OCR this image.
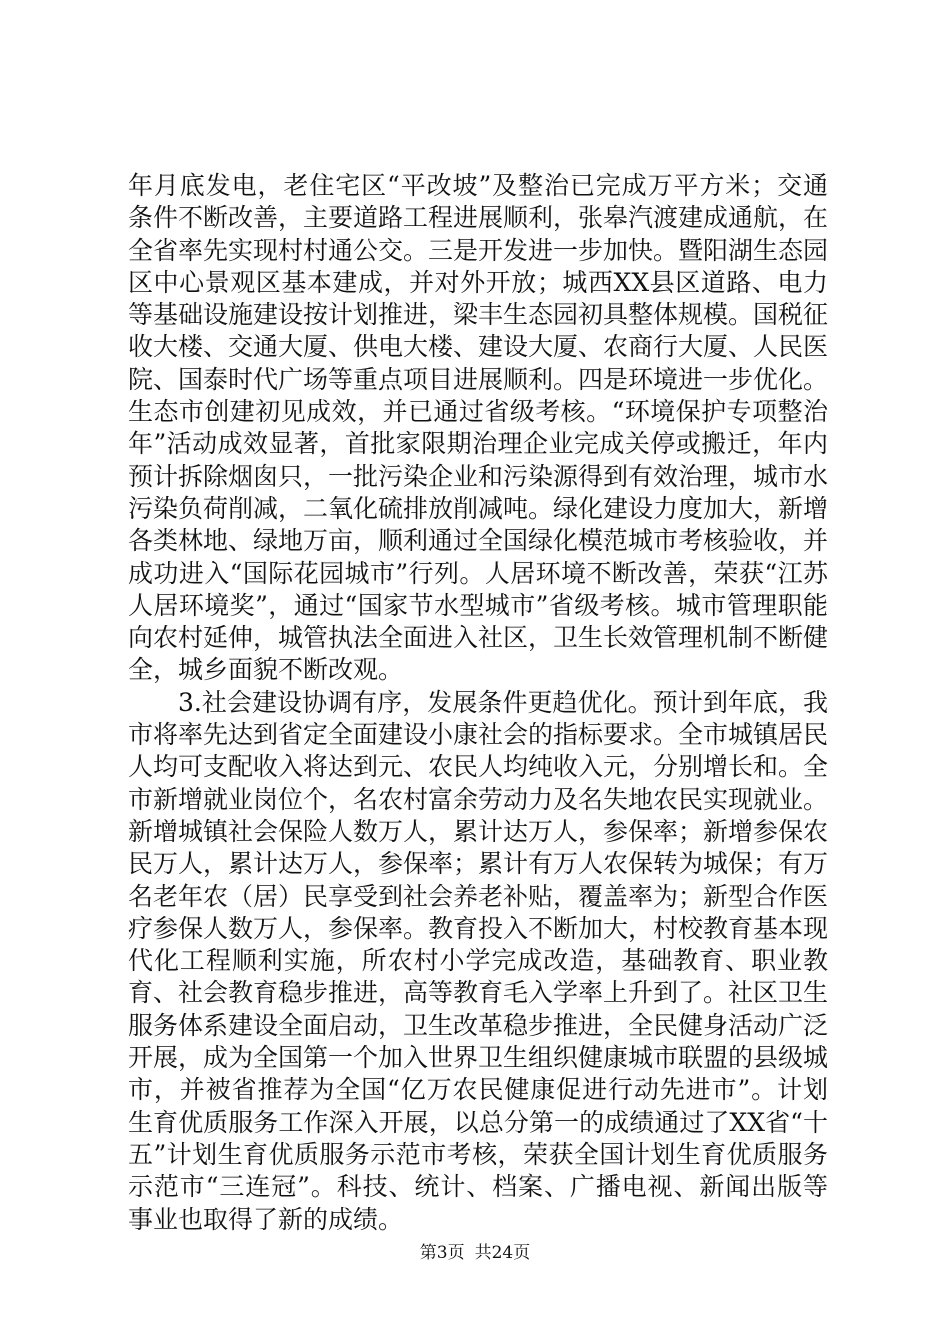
年月底发电，老住宅区“平改坡”及整治已完成万平方米；交通条件不断改善，主要道路工程进展顺利，张皋汽渡建成通航，在全省率先实现村村通公交。三是开发进一步加快。暨阳湖生态园区中心景观区基本建成，并对外开放；城西XX县区道路、电力等基础设施建设按计划推进，梁丰生态园初具整体规模。国税征收大楼、交通大厦、供电大楼、建设大厦、农商行大厦、人民医院、国泰时代广场等重点项目进展顺利。四是环境进一步优化。生态市创建初见成效，并已通过省级考核。“环境保护专项整治年”活动成效显著，首批家限期治理企业完成关停或搬迁，年内预计拆除烟囱只，一批污染企业和污染源得到有效治理，城市水污染负荷削减，二氧化硫排放削减吨。绿化建设力度加大，新增各类林地、绿地万亩，顺利通过全国绿化模范城市考核验收，并成功进入“国际花园城市”行列。人居环境不断改善，荣获“江苏人居环境奖”，通过“国家节水型城市”省级考核。城市管理职能向农村延伸，城管执法全面进入社区，卫生长效管理机制不断健全，城乡面貌不断改观。

3.社会建设协调有序，发展条件更趋优化。预计到年底，我市将率先达到省定全面建设小康社会的指标要求。全市城镇居民人均可支配收入将达到元、农民人均纯收入元，分别增长和。全市新增就业岗位个，名农村富余劳动力及名失地农民实现就业。新增城镇社会保险人数万人，累计达万人，参保率；新增参保农民万人，累计达万人，参保率；累计有万人农保转为城保；有万名老年农（居）民享受到社会养老补贴，覆盖率为；新型合作医疗参保人数万人，参保率。教育投入不断加大，村校教育基本现代化工程顺利实施，所农村小学完成改造，基础教育、职业教育、社会教育稳步推进，高等教育毛入学率上升到了。社区卫生服务体系建设全面启动，卫生改革稳步推进，全民健身活动广泛开展，成为全国第一个加入世界卫生组织健康城市联盟的县级城市，并被省推荐为全国“亿万农民健康促进行动先进市”。计划生育优质服务工作深入开展，以总分第一的成绩通过了XX省“十五”计划生育优质服务示范市考核，荣获全国计划生育优质服务示范市“三连冠”。科技、统计、档案、广播电视、新闻出版等事业也取得了新的成绩。

第3页 共24页
